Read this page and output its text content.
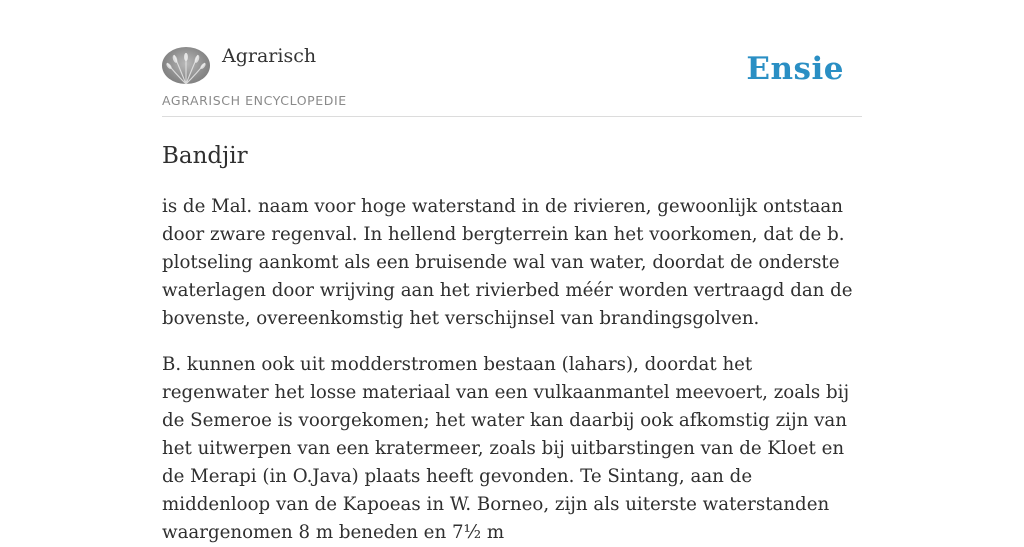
Agrarisch
AGRARISCH ENCYCLOPEDIE
Ensie
Bandjir

is de Mal. naam voor hoge waterstand in de rivieren, gewoonlijk ontstaan door zware regenval. In hellend bergterrein kan het voorkomen, dat de b. plotseling aankomt als een bruisende wal van water, doordat de onderste waterlagen door wrijving aan het rivierbed méér worden vertraagd dan de bovenste, overeenkomstig het verschijnsel van brandingsgolven.

B. kunnen ook uit modderstromen bestaan (lahars), doordat het regenwater het losse materiaal van een vulkaanmantel meevoert, zoals bij de Semeroe is voorgekomen; het water kan daarbij ook afkomstig zijn van het uitwerpen van een kratermeer, zoals bij uitbarstingen van de Kloet en de Merapi (in O.Java) plaats heeft gevonden. Te Sintang, aan de middenloop van de Kapoeas in W. Borneo, zijn als uiterste waterstanden waargenomen 8 m beneden en 7½ m
